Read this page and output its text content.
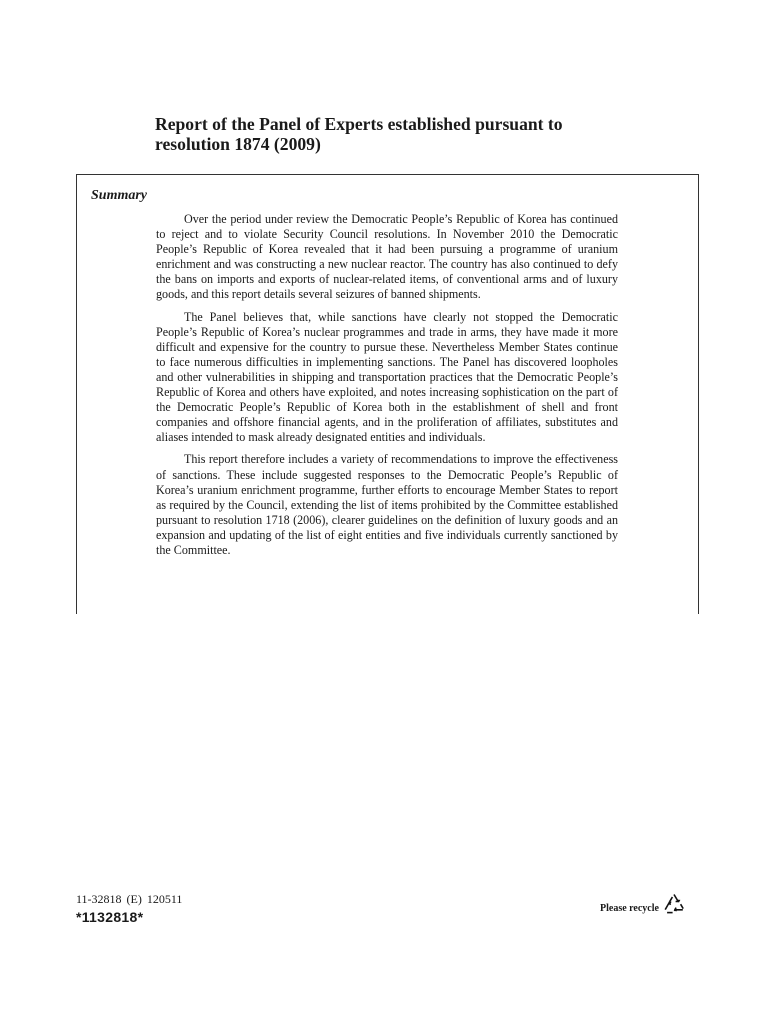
Report of the Panel of Experts established pursuant to resolution 1874 (2009)
Summary

Over the period under review the Democratic People’s Republic of Korea has continued to reject and to violate Security Council resolutions. In November 2010 the Democratic People’s Republic of Korea revealed that it had been pursuing a programme of uranium enrichment and was constructing a new nuclear reactor. The country has also continued to defy the bans on imports and exports of nuclear-related items, of conventional arms and of luxury goods, and this report details several seizures of banned shipments.

The Panel believes that, while sanctions have clearly not stopped the Democratic People’s Republic of Korea’s nuclear programmes and trade in arms, they have made it more difficult and expensive for the country to pursue these. Nevertheless Member States continue to face numerous difficulties in implementing sanctions. The Panel has discovered loopholes and other vulnerabilities in shipping and transportation practices that the Democratic People’s Republic of Korea and others have exploited, and notes increasing sophistication on the part of the Democratic People’s Republic of Korea both in the establishment of shell and front companies and offshore financial agents, and in the proliferation of affiliates, substitutes and aliases intended to mask already designated entities and individuals.

This report therefore includes a variety of recommendations to improve the effectiveness of sanctions. These include suggested responses to the Democratic People’s Republic of Korea’s uranium enrichment programme, further efforts to encourage Member States to report as required by the Council, extending the list of items prohibited by the Committee established pursuant to resolution 1718 (2006), clearer guidelines on the definition of luxury goods and an expansion and updating of the list of eight entities and five individuals currently sanctioned by the Committee.

11-32818 (E) 120511
*1132818*
Please recycle
